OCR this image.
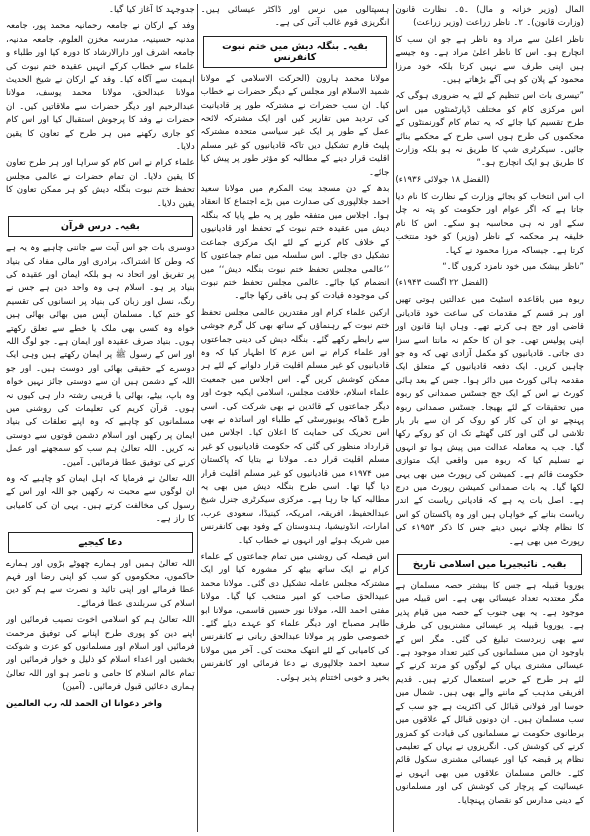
المال (وزیر خزانہ و مال) ۔۵۔ نظارت قانون (وزارت قانون)۔ ۲۔ ناظر زراعت (وزیر زراعت)

ناظر اعلیٰ سے مراد وہ ناظر ہے جو ان سب کا انچارج ہو۔ اس کا ناظر اعلیٰ مراد ہے۔ وہ جیسے ہیں اپنی طرف سے نہیں کرتا بلکہ خود مرزا محمود کے پلان کو ہی آگے بڑھاتے ہیں۔

”تیسری بات اس تنظیم کے لئے یہ ضروری ہوگی کہ اس مرکزی کام کو مختلف ڈپارٹمنٹوں میں اس طرح تقسیم کیا جائے کہ یہ تمام کام گورنمنٹوں کے محکموں کی طرح ہوں اسی طرح کے محکمے بنائے جائیں۔ سیکرٹری شپ کا طریق نہ ہو بلکہ وزارت کا طریق ہو ایک انچارج ہو۔“

(الفضل ۱۸ جولائی ۱۹۳۶ء)

اب اس انتخاب کو بجائے وزارت کے نظارت کا نام دیا جاتا ہے کہ اگر عوام اور حکومت کو پتہ نہ چل سکے اور نہ ہی محاسبہ ہو سکے۔ اس کا نام خلیفہ ہر محکمہ کے ناظر (وزیر) کو خود منتخب کرتا ہے۔ جیساکہ مرزا محمود نے کہا۔

”ناظر بیشک میں خود نامزد کروں گا۔“

(الفضل ۲۲ اگست ۱۹۴۳ء)

ربوہ میں باقاعدہ اسٹیٹ میں عدالتیں ہوتی تھیں اور ہر قسم کے مقدمات کی ساعت خود قادیانی قاضی اور جج ہی کرتے تھے۔ وہاں اپنا قانون اور اپنی پولیس تھی۔ جو ان کا حکم نہ مانتا اسے سزا دی جاتی۔ قادیانیوں کو مکمل آزادی تھی کہ وہ جو چاہیں کریں۔ ایک دفعہ قادیانیوں کے متعلق ایک مقدمہ ہائی کورٹ میں دائر ہوا۔ جس کے بعد ہائی کورٹ نے اس کے ایک جج جسٹس صمدانی کو ربوہ میں تحقیقات کے لئے بھیجا۔ جسٹس صمدانی ربوہ پہنچے تو ان کی کار کو روک کر ان سے بار بار تلاشی لی گئی اور کئی گھنٹے تک ان کو روکے رکھا گیا۔ جب یہ معاملہ عدالت میں پیش ہوا تو انہوں نے تسلیم کیا کہ ربوہ میں واقعی ایک متوازی حکومت قائم ہے۔ کمیشن کی رپورٹ میں بھی یہی لکھا گیا۔ یہ بات صمدانی کمیشن رپورٹ میں درج ہے۔ اصل بات یہ ہے کہ قادیانی ریاست کے اندر ریاست بنانے کے خواہاں ہیں اور وہ پاکستان کو اس کا نظام چلانے نہیں دیتے جس کا ذکر ۱۹۵۳ء کی رپورٹ میں بھی ہے۔

بقیہ۔ نائیجیریا میں اسلامی تاریخ

یوروبا قبیلہ ہے جس کا بیشتر حصہ مسلمان ہے مگر معتدبہ تعداد عیسائی بھی ہے۔ اس قبیلہ میں موجود ہے۔ یہ بھی جنوب کے حصہ میں قیام پذیر ہے۔ یوروبا قبیلہ پر عیسائی مشنریوں کی طرف سے بھی زبردست تبلیغ کی گئی۔ مگر اس کے باوجود ان میں مسلمانوں کی کثیر تعداد موجود ہے۔ عیسائی مشنری یہاں کے لوگوں کو مرتد کرنے کے لئے ہر طرح کے حربے استعمال کرتے ہیں۔ قدیم افریقی مذہب کے ماننے والے بھی ہیں۔ شمال میں حوسا اور فولانی قبائل کی اکثریت ہے جو سب کے سب مسلمان ہیں۔ ان دونوں قبائل کے علاقوں میں برطانوی حکومت نے مسلمانوں کی قیادت کو کمزور کرنے کی کوشش کی۔ انگریزوں نے یہاں کے تعلیمی نظام پر قبضہ کیا اور عیسائی مشنری سکول قائم کئے۔ خالص مسلمان علاقوں میں بھی انہوں نے عیسائیت کے پرچار کی کوشش کی اور مسلمانوں کے دینی مدارس کو نقصان پہنچایا۔

ہسپتالوں میں نرس اور ڈاکٹر عیسائی ہیں۔ انگریزی قوم غالب آتی کی ہے۔

بقیہ۔ بنگلہ دیش میں ختم نبوت کانفرنس

مولانا محمد ہارون (الحرکت الاسلامی کے مولانا شمید الاسلام اور مجلس کے دیگر حضرات نے خطاب کیا۔ ان سب حضرات نے مشترکہ طور پر قادیانیت کی تردید میں تقاریر کیں اور ایک مشترکہ لائحہ عمل کے طور پر ایک غیر سیاسی متحدہ مشترکہ پلیٹ فارم تشکیل دیں تاکہ قادیانیوں کو غیر مسلم اقلیت قرار دینے کے مطالبہ کو مؤثر طور پر پیش کیا جائے۔

بدھ کے دن مسجد بیت المکرم میں مولانا سعید احمد جلالپوری کی صدارت میں بڑے اجتماع کا انعقاد ہوا۔ اجلاس میں متفقہ طور پر یہ طے پایا کہ بنگلہ دیش میں عقیدہ ختم نبوت کے تحفظ اور قادیانیوں کے خلاف کام کرنے کے لئے ایک مرکزی جماعت تشکیل دی جائے۔ اس سلسلہ میں تمام جماعتوں کا ’’عالمی مجلس تحفظ ختم نبوت بنگلہ دیش‘‘ میں انضمام کیا جائے۔ عالمی مجلس تحفظ ختم نبوت کی موجودہ قیادت کو ہی باقی رکھا جائے۔

ارکین علماء کرام اور مقتدرین عالمی مجلس تحفظ ختم نبوت کے رہنماؤں کے ساتھ بھی کل گرم جوشی سے رابطے رکھے گئے۔ بنگلہ دیش کی دینی جماعتوں اور علماء کرام نے اس عزم کا اظہار کیا کہ وہ قادیانیوں کو غیر مسلم اقلیت قرار دلوانے کے لئے ہر ممکن کوشش کریں گے۔ اس اجلاس میں جمعیت علماء اسلام، خلافت مجلس، اسلامی ایکیہ جوٹ اور دیگر جماعتوں کے قائدین نے بھی شرکت کی۔ اسی طرح ڈھاکہ یونیورسٹی کے طلباء اور اساتذہ نے بھی اس تحریک کی حمایت کا اعلان کیا۔ اجلاس میں قرارداد منظور کی گئی کہ حکومت قادیانیوں کو غیر مسلم اقلیت قرار دے۔ مولانا نے بتایا کہ پاکستان میں ۱۹۷۴ء میں قادیانیوں کو غیر مسلم اقلیت قرار دیا گیا تھا۔ اسی طرح بنگلہ دیش میں بھی یہ مطالبہ کیا جا رہا ہے۔ مرکزی سیکرٹری جنرل شیخ عبدالحفیظ، افریقہ، امریکہ، کینیڈا، سعودی عرب، امارات، انڈونیشیا، ہندوستان کے وفود بھی کانفرنس میں شریک ہوئے اور انہوں نے خطاب کیا۔

اس فیصلہ کی روشنی میں تمام جماعتوں کے علماء کرام نے ایک ساتھ بیٹھ کر مشورہ کیا اور ایک مشترکہ مجلس عاملہ تشکیل دی گئی۔ مولانا محمد عبیدالحق صاحب کو امیر منتخب کیا گیا۔ مولانا مفتی احمد اللہ، مولانا نور حسین قاسمی، مولانا ابو طاہر مصباح اور دیگر علماء کو عہدے دیئے گئے۔ خصوصی طور پر مولانا عبدالحق ربانی نے کانفرنس کی کامیابی کے لئے انتھک محنت کی۔ آخر میں مولانا سعید احمد جلالپوری نے دعا فرمائی اور کانفرنس بخیر و خوبی اختتام پذیر ہوئی۔

جدوجہد کا آغاز کیا گیا۔

وفد کے ارکان نے جامعہ رحمانیہ محمد پور، جامعہ مدنیہ حسینیہ، مدرسہ مخزن العلوم، جامعہ مدنیہ، جامعہ اشرف اور دارالارشاد کا دورہ کیا اور طلباء و علماء سے خطاب کرکے انہیں عقیدہ ختم نبوت کی اہمیت سے آگاہ کیا۔ وفد کے ارکان نے شیخ الحدیث مولانا عبدالحق، مولانا محمد یوسف، مولانا عبدالرحیم اور دیگر حضرات سے ملاقاتیں کیں۔ ان حضرات نے وفد کا پرجوش استقبال کیا اور اس کام کو جاری رکھنے میں ہر طرح کے تعاون کا یقین دلایا۔

علماء کرام نے اس کام کو سراہا اور ہر طرح تعاون کا یقین دلایا۔ ان تمام حضرات نے عالمی مجلس تحفظ ختم نبوت بنگلہ دیش کو ہر ممکن تعاون کا یقین دلایا۔

بقیہ۔ درس قرآن

دوسری بات جو اس آیت سے جاننی چاہیے وہ یہ ہے کہ وطن کا اشتراک، برادری اور مالی مفاد کی بنیاد پر تفریق اور اتحاد نہ ہو بلکہ ایمان اور عقیدہ کی بنیاد پر ہو۔ اسلام ہی وہ واحد دین ہے جس نے رنگ، نسل اور زبان کی بنیاد پر انسانوں کی تقسیم کو ختم کیا۔ مسلمان آپس میں بھائی بھائی ہیں خواہ وہ کسی بھی ملک یا خطے سے تعلق رکھتے ہوں۔ بنیاد صرف عقیدہ اور ایمان ہے۔ جو لوگ اللہ اور اس کے رسول ﷺ پر ایمان رکھتے ہیں وہی ایک دوسرے کے حقیقی بھائی اور دوست ہیں۔ اور جو اللہ کے دشمن ہیں ان سے دوستی جائز نہیں خواہ وہ باپ، بیٹے، بھائی یا قریبی رشتہ دار ہی کیوں نہ ہوں۔ قرآن کریم کی تعلیمات کی روشنی میں مسلمانوں کو چاہیے کہ وہ اپنے تعلقات کی بنیاد ایمان پر رکھیں اور اسلام دشمن قوتوں سے دوستی نہ کریں۔ اللہ تعالیٰ ہم سب کو سمجھنے اور عمل کرنے کی توفیق عطا فرمائیں۔ آمین۔

اللہ تعالیٰ نے فرمایا کہ اہل ایمان کو چاہیے کہ وہ ان لوگوں سے محبت نہ رکھیں جو اللہ اور اس کے رسول کی مخالفت کرتے ہیں۔ یہی ان کی کامیابی کا راز ہے۔

دعا کیجیے

اللہ تعالیٰ ہمیں اور ہمارے چھوٹے بڑوں اور ہمارے حاکموں، محکوموں کو سب کو اپنی رضا اور فہم عطا فرمائے اور اپنی تائید و نصرت سے ہم کو دین اسلام کی سربلندی عطا فرمائے۔

اللہ تعالیٰ ہم کو اسلامی اخوت نصیب فرمائیں اور اپنے دین کو پوری طرح اپنانے کی توفیق مرحمت فرمائیں اور اسلام اور مسلمانوں کو عزت و شوکت بخشیں اور اعداء اسلام کو ذلیل و خوار فرمائیں اور تمام عالم اسلام کا حامی و ناصر ہو اور اللہ تعالیٰ ہماری دعائیں قبول فرمائیں۔ (آمین)

واخر دعوانا ان الحمد للہ رب العالمین
